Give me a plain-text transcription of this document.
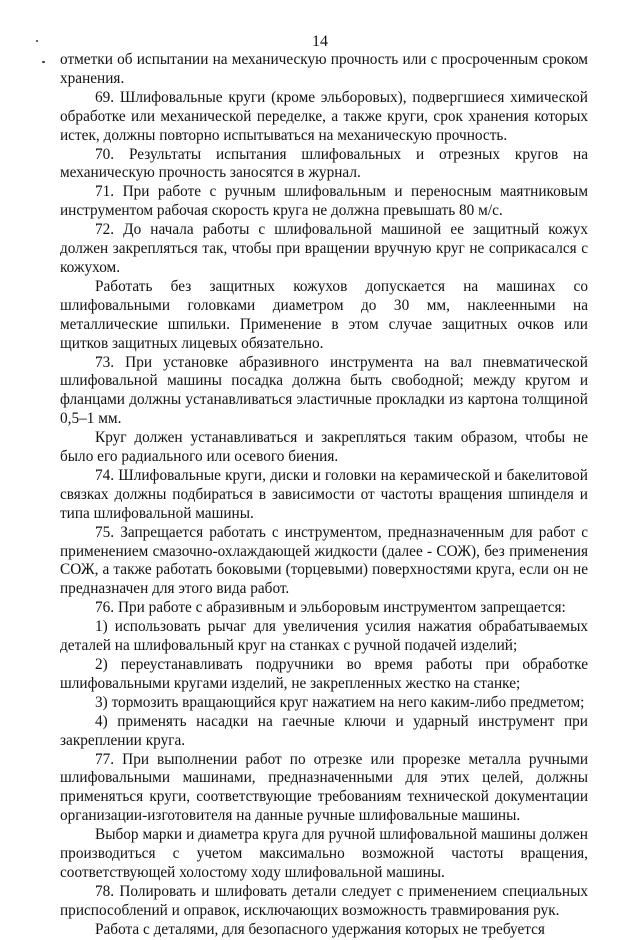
14

отметки об испытании на механическую прочность или с просроченным сроком хранения.

69. Шлифовальные круги (кроме эльборовых), подвергшиеся химической обработке или механической переделке, а также круги, срок хранения которых истек, должны повторно испытываться на механическую прочность.

70. Результаты испытания шлифовальных и отрезных кругов на механическую прочность заносятся в журнал.

71. При работе с ручным шлифовальным и переносным маятниковым инструментом рабочая скорость круга не должна превышать 80 м/с.

72. До начала работы с шлифовальной машиной ее защитный кожух должен закрепляться так, чтобы при вращении вручную круг не соприкасался с кожухом.

Работать без защитных кожухов допускается на машинах со шлифовальными головками диаметром до 30 мм, наклеенными на металлические шпильки. Применение в этом случае защитных очков или щитков защитных лицевых обязательно.

73. При установке абразивного инструмента на вал пневматической шлифовальной машины посадка должна быть свободной; между кругом и фланцами должны устанавливаться эластичные прокладки из картона толщиной 0,5–1 мм.

Круг должен устанавливаться и закрепляться таким образом, чтобы не было его радиального или осевого биения.

74. Шлифовальные круги, диски и головки на керамической и бакелитовой связках должны подбираться в зависимости от частоты вращения шпинделя и типа шлифовальной машины.

75. Запрещается работать с инструментом, предназначенным для работ с применением смазочно-охлаждающей жидкости (далее - СОЖ), без применения СОЖ, а также работать боковыми (торцевыми) поверхностями круга, если он не предназначен для этого вида работ.

76. При работе с абразивным и эльборовым инструментом запрещается:

1) использовать рычаг для увеличения усилия нажатия обрабатываемых деталей на шлифовальный круг на станках с ручной подачей изделий;

2) переустанавливать подручники во время работы при обработке шлифовальными кругами изделий, не закрепленных жестко на станке;

3) тормозить вращающийся круг нажатием на него каким-либо предметом;

4) применять насадки на гаечные ключи и ударный инструмент при закреплении круга.

77. При выполнении работ по отрезке или прорезке металла ручными шлифовальными машинами, предназначенными для этих целей, должны применяться круги, соответствующие требованиям технической документации организации-изготовителя на данные ручные шлифовальные машины.

Выбор марки и диаметра круга для ручной шлифовальной машины должен производиться с учетом максимально возможной частоты вращения, соответствующей холостому ходу шлифовальной машины.

78. Полировать и шлифовать детали следует с применением специальных приспособлений и оправок, исключающих возможность травмирования рук.

Работа с деталями, для безопасного удержания которых не требуется
